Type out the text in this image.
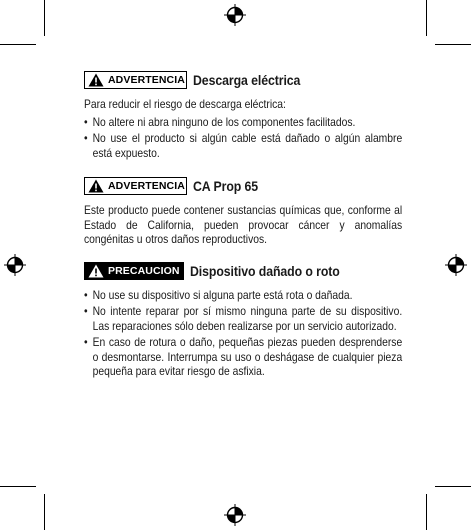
ADVERTENCIA Descarga eléctrica

Para reducir el riesgo de descarga eléctrica:

• No altere ni abra ninguno de los componentes facilitados.
• No use el producto si algún cable está dañado o algún alambre está expuesto.
ADVERTENCIA CA Prop 65

Este producto puede contener sustancias químicas que, conforme al Estado de California, pueden provocar cáncer y anomalías congénitas u otros daños reproductivos.

PRECAUCION Dispositivo dañado o roto
• No use su dispositivo si alguna parte está rota o dañada.
• No intente reparar por sí mismo ninguna parte de su dispositivo. Las reparaciones sólo deben realizarse por un servicio autorizado.
• En caso de rotura o daño, pequeñas piezas pueden desprenderse o desmontarse. Interrumpa su uso o deshágase de cualquier pieza pequeña para evitar riesgo de asfixia.
